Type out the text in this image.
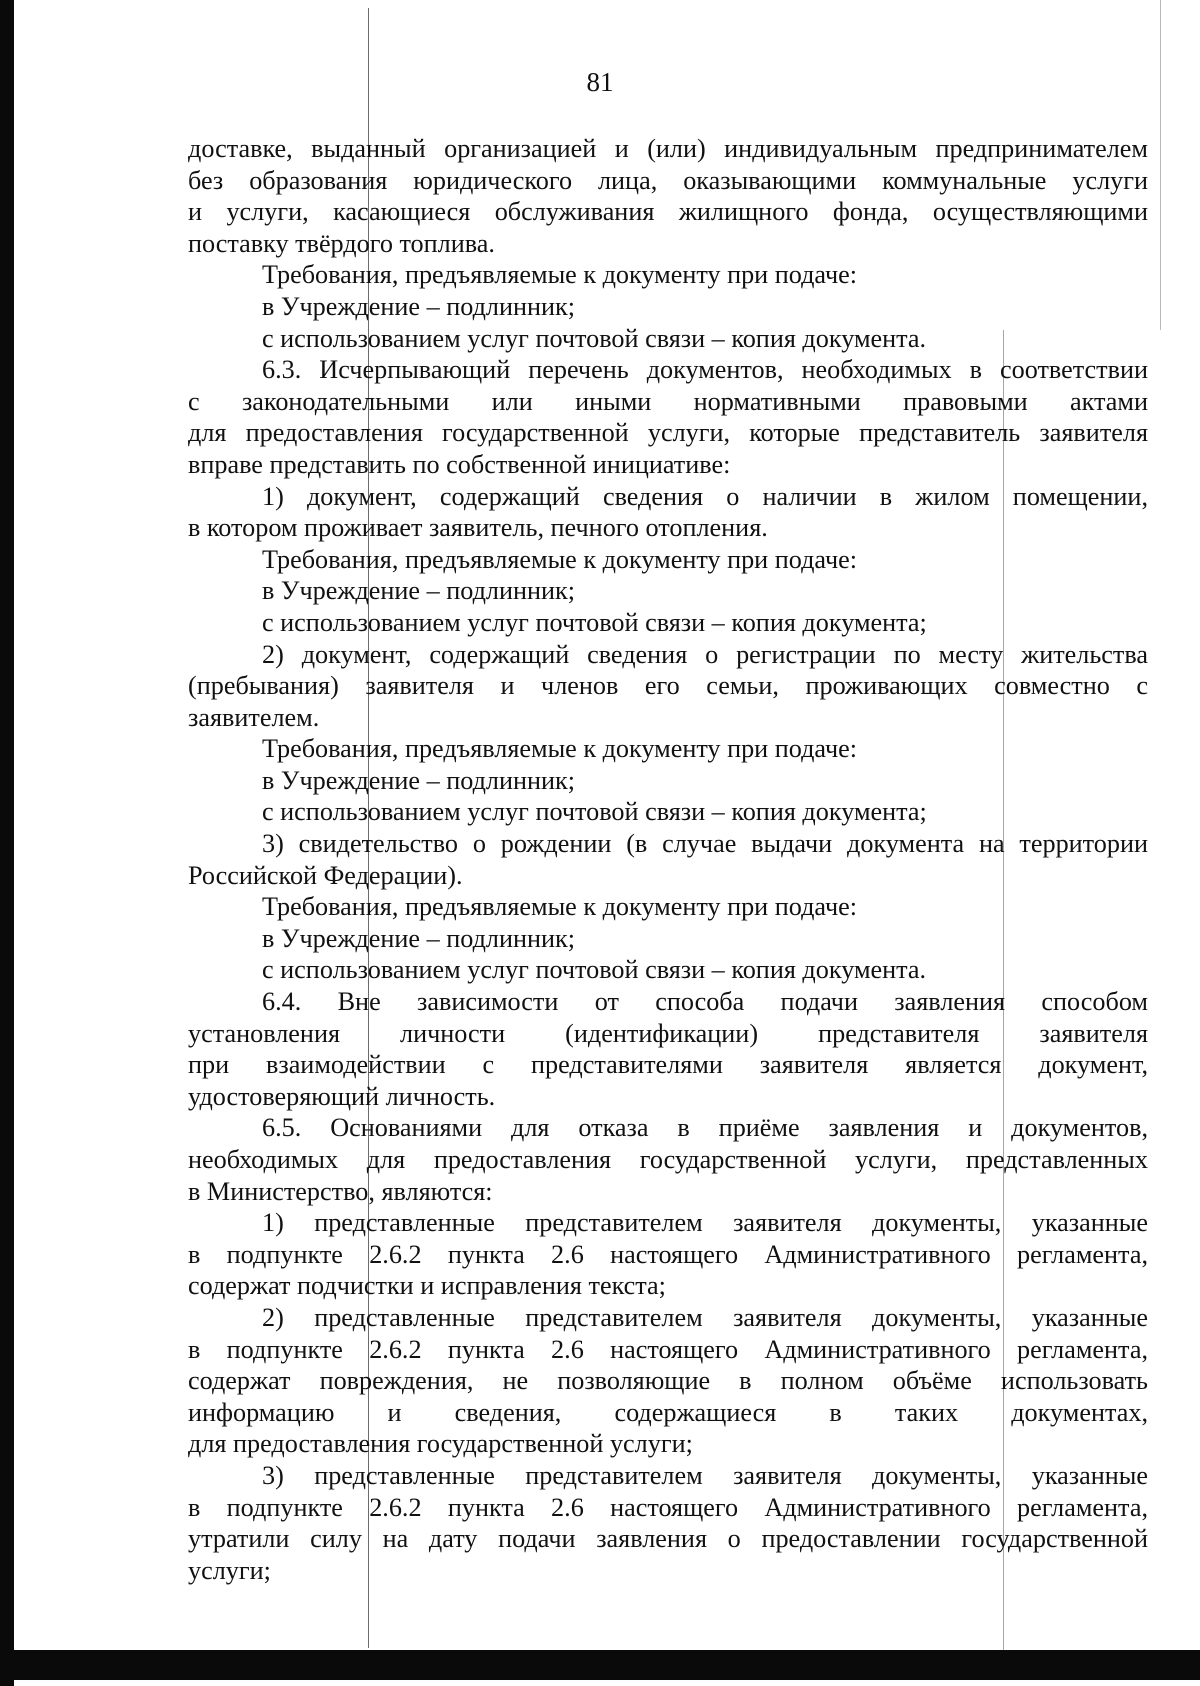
81
доставке, выданный организацией и (или) индивидуальным предпринимателем
без образования юридического лица, оказывающими коммунальные услуги
и услуги, касающиеся обслуживания жилищного фонда, осуществляющими
поставку твёрдого топлива.
Требования, предъявляемые к документу при подаче:
в Учреждение – подлинник;
с использованием услуг почтовой связи – копия документа.
6.3. Исчерпывающий перечень документов, необходимых в соответствии
с законодательными или иными нормативными правовыми актами
для предоставления государственной услуги, которые представитель заявителя
вправе представить по собственной инициативе:
1) документ, содержащий сведения о наличии в жилом помещении,
в котором проживает заявитель, печного отопления.
Требования, предъявляемые к документу при подаче:
в Учреждение – подлинник;
с использованием услуг почтовой связи – копия документа;
2) документ, содержащий сведения о регистрации по месту жительства
(пребывания) заявителя и членов его семьи, проживающих совместно с
заявителем.
Требования, предъявляемые к документу при подаче:
в Учреждение – подлинник;
с использованием услуг почтовой связи – копия документа;
3) свидетельство о рождении (в случае выдачи документа на территории
Российской Федерации).
Требования, предъявляемые к документу при подаче:
в Учреждение – подлинник;
с использованием услуг почтовой связи – копия документа.
6.4. Вне зависимости от способа подачи заявления способом
установления личности (идентификации) представителя заявителя
при взаимодействии с представителями заявителя является документ,
удостоверяющий личность.
6.5. Основаниями для отказа в приёме заявления и документов,
необходимых для предоставления государственной услуги, представленных
в Министерство, являются:
1) представленные представителем заявителя документы, указанные
в подпункте 2.6.2 пункта 2.6 настоящего Административного регламента,
содержат подчистки и исправления текста;
2) представленные представителем заявителя документы, указанные
в подпункте 2.6.2 пункта 2.6 настоящего Административного регламента,
содержат повреждения, не позволяющие в полном объёме использовать
информацию и сведения, содержащиеся в таких документах,
для предоставления государственной услуги;
3) представленные представителем заявителя документы, указанные
в подпункте 2.6.2 пункта 2.6 настоящего Административного регламента,
утратили силу на дату подачи заявления о предоставлении государственной
услуги;
